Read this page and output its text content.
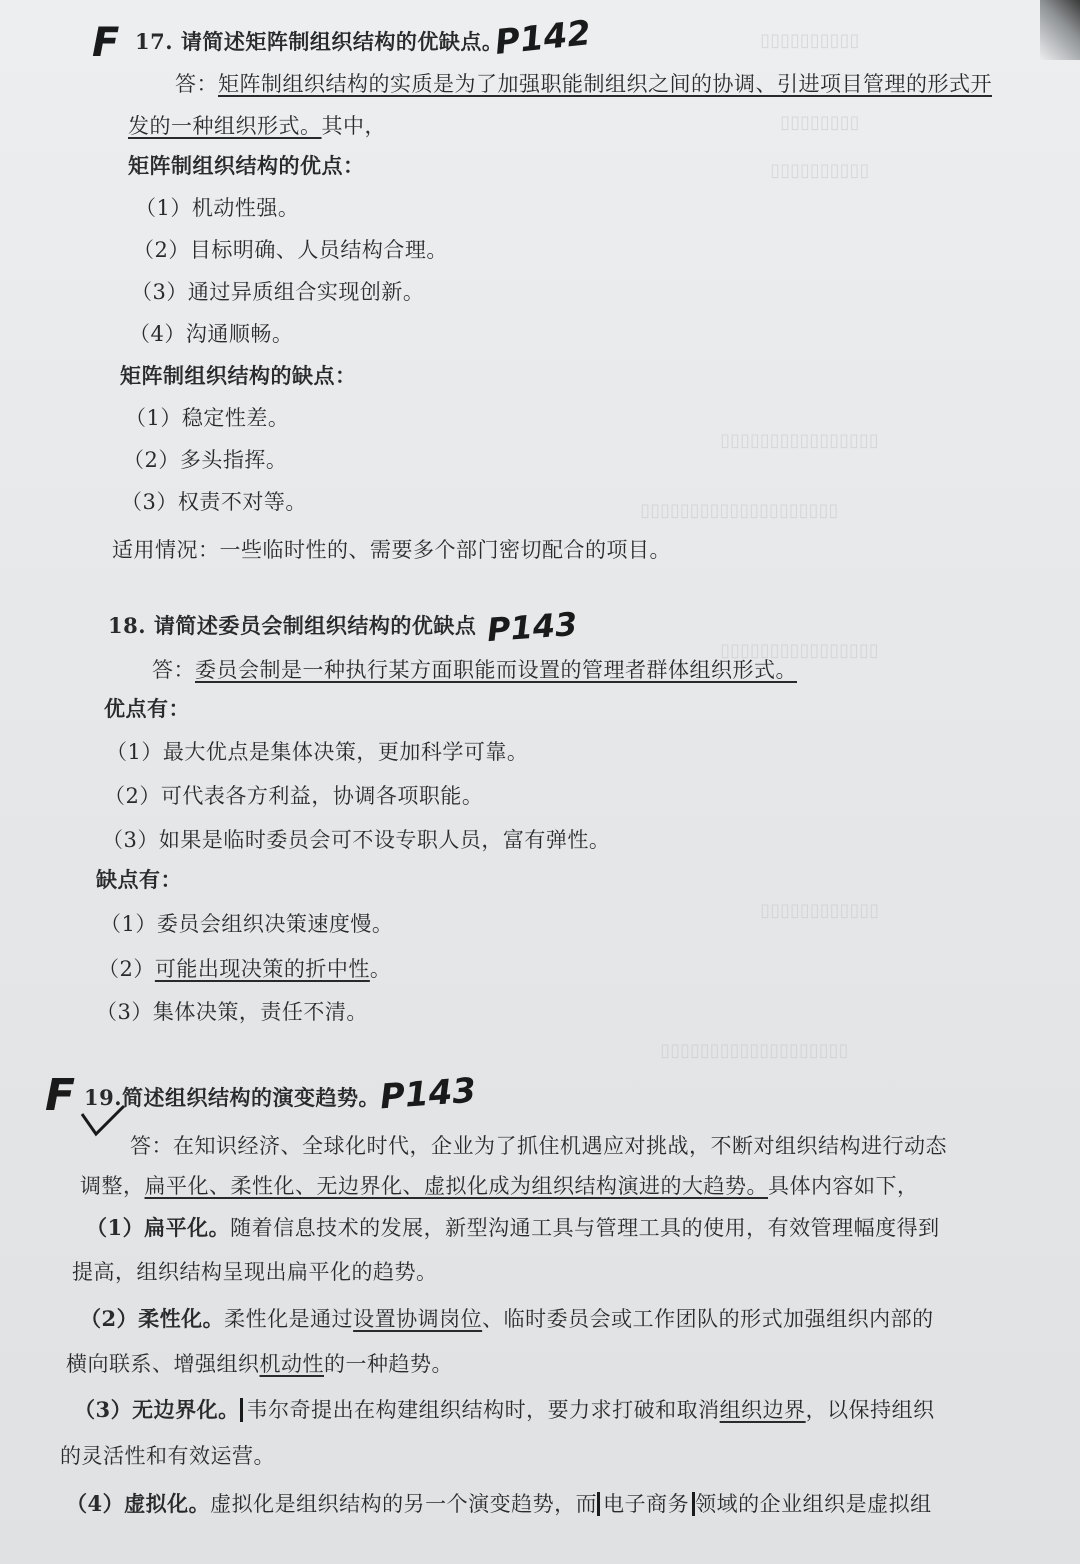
▯▯▯▯▯▯▯▯▯▯
▯▯▯▯▯▯▯▯
▯▯▯▯▯▯▯▯▯▯
▯▯▯▯▯▯▯▯▯▯▯▯▯▯▯▯
▯▯▯▯▯▯▯▯▯▯▯▯▯▯▯▯▯▯▯▯
▯▯▯▯▯▯▯▯▯▯▯▯▯▯▯▯
▯▯▯▯▯▯▯▯▯▯▯▯
▯▯▯▯▯▯▯▯▯▯▯▯▯▯▯▯▯▯▯
F 17. 请简述矩阵制组织结构的优缺点。
P142
答：矩阵制组织结构的实质是为了加强职能制组织之间的协调、引进项目管理的形式开
发的一种组织形式。其中，
矩阵制组织结构的优点：
（1）机动性强。
（2）目标明确、人员结构合理。
（3）通过异质组合实现创新。
（4）沟通顺畅。
矩阵制组织结构的缺点：
（1）稳定性差。
（2）多头指挥。
（3）权责不对等。
适用情况：一些临时性的、需要多个部门密切配合的项目。
18. 请简述委员会制组织结构的优缺点 P143
答：委员会制是一种执行某方面职能而设置的管理者群体组织形式。
优点有：
（1）最大优点是集体决策，更加科学可靠。
（2）可代表各方利益，协调各项职能。
（3）如果是临时委员会可不设专职人员，富有弹性。
缺点有：
（1）委员会组织决策速度慢。
（2）可能出现决策的折中性。
（3）集体决策，责任不清。
F 19.简述组织结构的演变趋势。
P143
答：在知识经济、全球化时代，企业为了抓住机遇应对挑战，不断对组织结构进行动态
调整，扁平化、柔性化、无边界化、虚拟化成为组织结构演进的大趋势。具体内容如下，
（1）扁平化。随着信息技术的发展，新型沟通工具与管理工具的使用，有效管理幅度得到
提高，组织结构呈现出扁平化的趋势。
（2）柔性化。柔性化是通过设置协调岗位、临时委员会或工作团队的形式加强组织内部的
横向联系、增强组织机动性的一种趋势。
（3）无边界化。 韦尔奇提出在构建组织结构时，要力求打破和取消组织边界，以保持组织
的灵活性和有效运营。
（4）虚拟化。虚拟化是组织结构的另一个演变趋势，而 电子商务 领域的企业组织是虚拟组
